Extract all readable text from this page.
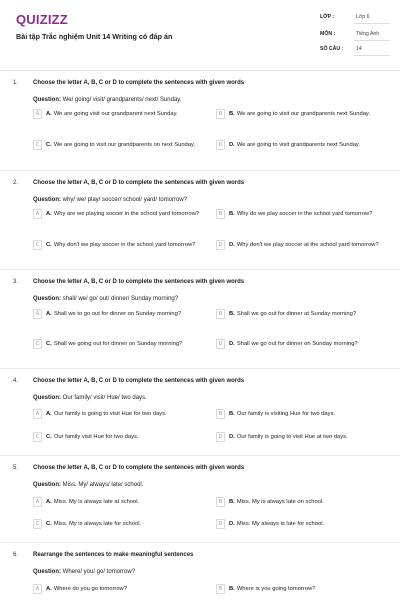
QUIZIZZ
Bài tập Trắc nghiệm Unit 14 Writing có đáp án
LỚP :	Lớp 6
MÔN :	Tiếng Anh
SỐ CÂU : 14
1. Choose the letter A, B, C or D to complete the sentences with given words
Question: We/ going/ visit/ grandparents/ next/ Sunday.
A	A. We are going visit our grandparent next Sunday.	B	B. We are going to visit our grandparents next Sunday.
C	C. We are going to visit our grandparents on next Sunday.	D	D. We are going to visit grandparents next Sunday.
2. Choose the letter A, B, C or D to complete the sentences with given words
Question: why/ we/ play/ soccer/ school/ yard/ tomorrow?
A	A. Why are we playing soccer in the school yard tomorrow?	B	B. Why do we play soccer in the school yard tomorrow?
C	C. Why don't we play soccer in the school yard tomorrow?	D	D. Why don't we play soccer at the school yard tomorrow?
3. Choose the letter A, B, C or D to complete the sentences with given words
Question: shall/ we/ go/ out/ dinner/ Sunday morning?
A	A. Shall we to go out for dinner on Sunday morning?	B	B. Shall we go out for dinner at Sunday morning?
C	C. Shall we going out for dinner on Sunday morning?	D	D. Shall we go out for dinner on Sunday morning?
4. Choose the letter A, B, C or D to complete the sentences with given words
Question: Our family/ visit/ Hue/ two days.
A	A. Our family is going to visit Hue for two days.	B	B. Our family is visiting Hue for two days.
C	C. Our family visit Hue for two days.	D	D. Our family is going to visit Hue at two days.
5. Choose the letter A, B, C or D to complete the sentences with given words
Question: Miss. My/ always/ late/ school.
A	A. Miss. My is always late at school.	B	B. Miss. My is always late on school.
C	C. Miss. My is always late for school.	D	D. Miss. My always is late for school.
6. Rearrange the sentences to make meaningful sentences
Question: Where/ you/ go/ tomorrow?
A	A. Where do you go tomorrow?	B	B. Where is you going tomorrow?
